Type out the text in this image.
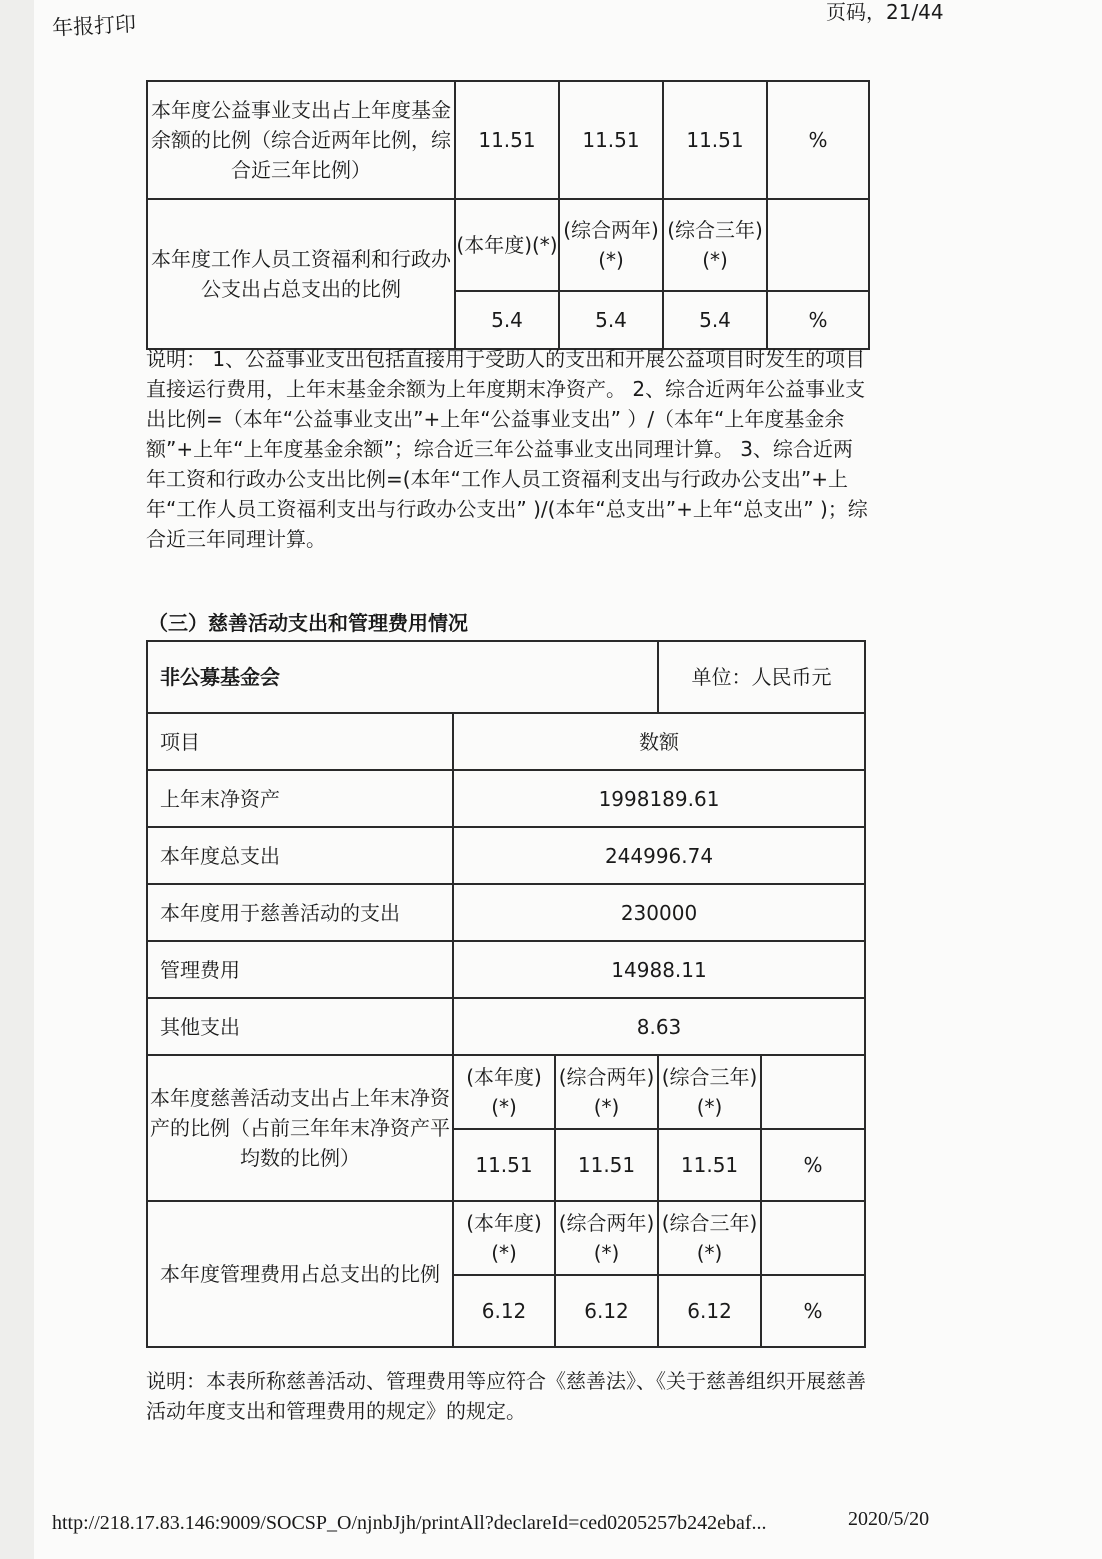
年报打印	页码，21/44
本年度公益事业支出占上年度基金余额的比例（综合近两年比例，综合近三年比例）	11.51	11.51	11.51	%
本年度工作人员工资福利和行政办公支出占总支出的比例	(本年度)(*)	(综合两年)(*)	(综合三年)(*)	
	5.4	5.4	5.4	%
说明： 1、公益事业支出包括直接用于受助人的支出和开展公益项目时发生的项目直接运行费用，上年末基金余额为上年度期末净资产。 2、综合近两年公益事业支出比例=（本年“公益事业支出”+上年“公益事业支出” ）/（本年“上年度基金余额”+上年“上年度基金余额”；综合近三年公益事业支出同理计算。 3、综合近两年工资和行政办公支出比例=(本年“工作人员工资福利支出与行政办公支出”+上年“工作人员工资福利支出与行政办公支出” )/(本年“总支出”+上年“总支出” )；综合近三年同理计算。
（三）慈善活动支出和管理费用情况
非公募基金会			单位：人民币元	
项目	数额			
上年末净资产	1998189.61			
本年度总支出	244996.74			
本年度用于慈善活动的支出	230000			
管理费用	14988.11			
其他支出	8.63			
本年度慈善活动支出占上年末净资产的比例（占前三年年末净资产平均数的比例）	(本年度)(*)	(综合两年)(*)	(综合三年)(*)	
	11.51	11.51	11.51	%
本年度管理费用占总支出的比例	(本年度)(*)	(综合两年)(*)	(综合三年)(*)	
	6.12	6.12	6.12	%
说明：本表所称慈善活动、管理费用等应符合《慈善法》、《关于慈善组织开展慈善活动年度支出和管理费用的规定》的规定。
http://218.17.83.146:9009/SOCSP_O/njnbJjh/printAll?declareId=ced0205257b242ebaf...	2020/5/20
